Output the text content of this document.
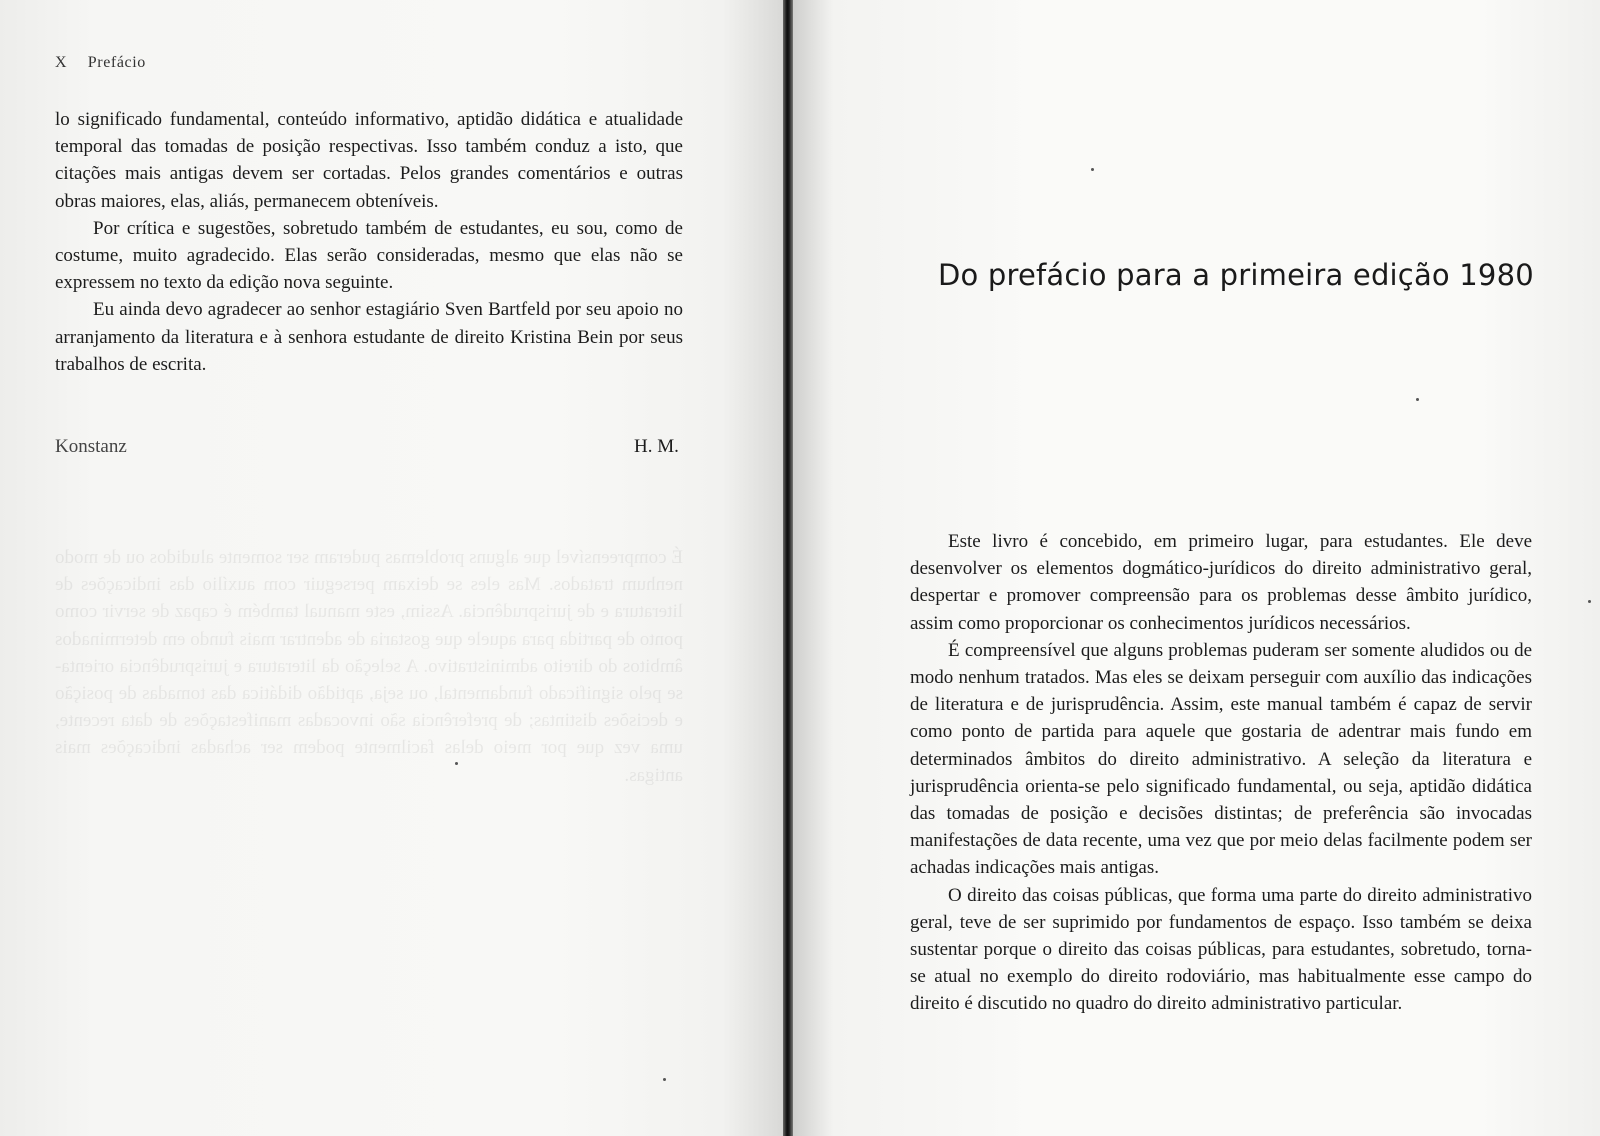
X Prefácio

lo significado fundamental, conteúdo informativo, aptidão didática e atualidade temporal das tomadas de posição respectivas. Isso também conduz a isto, que citações mais antigas devem ser cortadas. Pelos grandes comentários e outras obras maiores, elas, aliás, permanecem obteníveis.

Por crítica e sugestões, sobretudo também de estudantes, eu sou, como de costume, muito agradecido. Elas serão consideradas, mesmo que elas não se expressem no texto da edição nova seguinte.

Eu ainda devo agradecer ao senhor estagiário Sven Bartfeld por seu apoio no arranjamento da literatura e à senhora estudante de direito Kristina Bein por seus trabalhos de escrita.

Konstanz	H. M.
É compreensível que alguns problemas puderam ser somente aludidos ou de modo nenhum tratados. Mas eles se deixam perseguir com auxílio das indicações de literatura e de jurisprudência. Assim, este manual também é capaz de servir como ponto de partida para aquele que gostaria de adentrar mais fundo em determinados âmbitos do direito administrativo. A seleção da literatura e jurisprudência orienta-se pelo significado fundamental, ou seja, aptidão didática das tomadas de posição e decisões distintas; de preferência são invocadas manifestações de data recente, uma vez que por meio delas facilmente podem ser achadas indicações mais antigas.
Do prefácio para a primeira edição 1980

Este livro é concebido, em primeiro lugar, para estudantes. Ele deve desenvolver os elementos dogmático-jurídicos do direito administrativo geral, despertar e promover compreensão para os problemas desse âmbito jurídico, assim como proporcionar os conhecimentos jurídicos necessários.

É compreensível que alguns problemas puderam ser somente aludidos ou de modo nenhum tratados. Mas eles se deixam perseguir com auxílio das indicações de literatura e de jurisprudência. Assim, este manual também é capaz de servir como ponto de partida para aquele que gostaria de adentrar mais fundo em determinados âmbitos do direito administrativo. A seleção da literatura e jurisprudência orienta-se pelo significado fundamental, ou seja, aptidão didática das tomadas de posição e decisões distintas; de preferência são invocadas manifestações de data recente, uma vez que por meio delas facilmente podem ser achadas indicações mais antigas.

O direito das coisas públicas, que forma uma parte do direito administrativo geral, teve de ser suprimido por fundamentos de espaço. Isso também se deixa sustentar porque o direito das coisas públicas, para estudantes, sobretudo, torna-se atual no exemplo do direito rodoviário, mas habitualmente esse campo do direito é discutido no quadro do direito administrativo particular.
